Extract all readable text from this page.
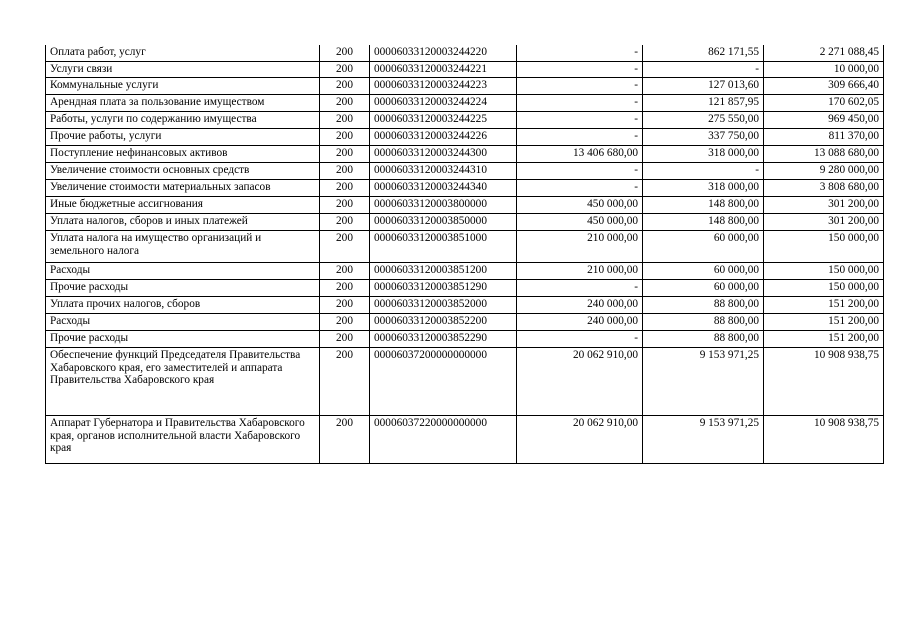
Оплата работ, услуг	200	00006033120003244220	-	862 171,55	2 271 088,45
Услуги связи	200	00006033120003244221	-	-	10 000,00
Коммунальные услуги	200	00006033120003244223	-	127 013,60	309 666,40
Арендная плата за пользование имуществом	200	00006033120003244224	-	121 857,95	170 602,05
Работы, услуги по содержанию имущества	200	00006033120003244225	-	275 550,00	969 450,00
Прочие работы, услуги	200	00006033120003244226	-	337 750,00	811 370,00
Поступление нефинансовых активов	200	00006033120003244300	13 406 680,00	318 000,00	13 088 680,00
Увеличение стоимости основных средств	200	00006033120003244310	-	-	9 280 000,00
Увеличение стоимости материальных запасов	200	00006033120003244340	-	318 000,00	3 808 680,00
Иные бюджетные ассигнования	200	00006033120003800000	450 000,00	148 800,00	301 200,00
Уплата налогов, сборов и иных платежей	200	00006033120003850000	450 000,00	148 800,00	301 200,00
Уплата налога на имущество организаций и земельного налога	200	00006033120003851000	210 000,00	60 000,00	150 000,00
Расходы	200	00006033120003851200	210 000,00	60 000,00	150 000,00
Прочие расходы	200	00006033120003851290	-	60 000,00	150 000,00
Уплата прочих налогов, сборов	200	00006033120003852000	240 000,00	88 800,00	151 200,00
Расходы	200	00006033120003852200	240 000,00	88 800,00	151 200,00
Прочие расходы	200	00006033120003852290	-	88 800,00	151 200,00
Обеспечение функций Председателя Правительства Хабаровского края, его заместителей и аппарата Правительства Хабаровского края	200	00006037200000000000	20 062 910,00	9 153 971,25	10 908 938,75
Аппарат Губернатора и Правительства Хабаровского края, органов исполнительной власти Хабаровского края	200	00006037220000000000	20 062 910,00	9 153 971,25	10 908 938,75
